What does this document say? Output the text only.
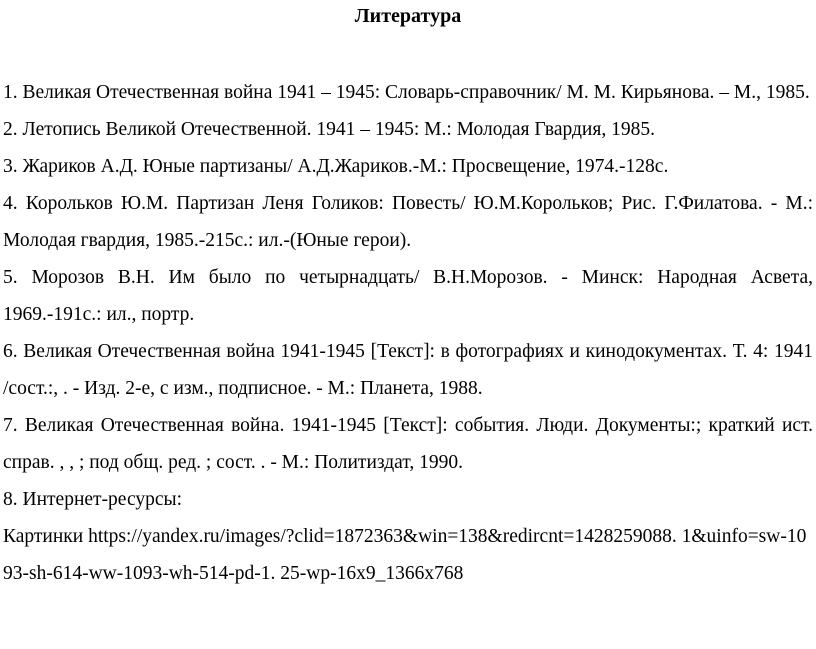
Литература

1. Великая Отечественная война 1941 – 1945: Словарь-справочник/ М. М. Кирьянова. – М., 1985.

2. Летопись Великой Отечественной. 1941 – 1945: М.: Молодая Гвардия, 1985.

3. Жариков А.Д. Юные партизаны/ А.Д.Жариков.-М.: Просвещение, 1974.-128с.

4. Корольков Ю.М. Партизан Леня Голиков: Повесть/ Ю.М.Корольков; Рис. Г.Филатова. - М.: Молодая гвардия, 1985.-215с.: ил.-(Юные герои).

5. Морозов В.Н. Им было по четырнадцать/ В.Н.Морозов. - Минск: Народная Асвета, 1969.-191с.: ил., портр.

6. Великая Отечественная война 1941-1945 [Текст]: в фотографиях и кинодокументах. Т. 4: 1941 /сост.:, . - Изд. 2-е, с изм., подписное. - М.: Планета, 1988.

7. Великая Отечественная война. 1941-1945 [Текст]: события. Люди. Документы:; краткий ист. справ. , , ; под общ. ред. ; сост. . - М.: Политиздат, 1990.

8. Интернет-ресурсы:

Картинки https://yandex.ru/images/?clid=1872363&win=138&redircnt=1428259088. 1&uinfo=sw-1093-sh-614-ww-1093-wh-514-pd-1. 25-wp-16x9_1366x768
